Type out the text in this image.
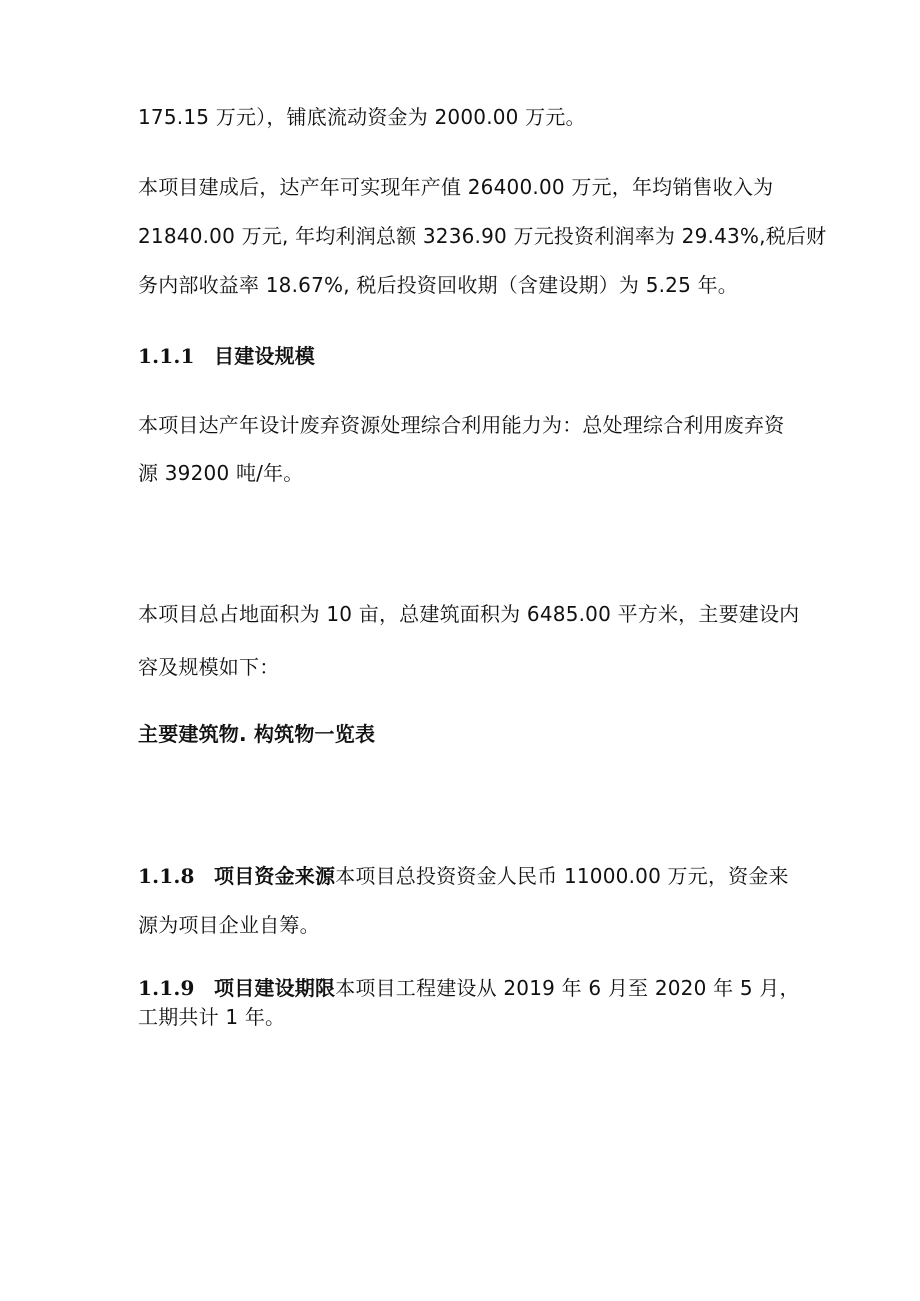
175.15 万元），铺底流动资金为 2000.00 万元。
本项目建成后，达产年可实现年产值 26400.00 万元，年均销售收入为
21840.00 万元, 年均利润总额 3236.90 万元投资利润率为 29.43%,税后财
务内部收益率 18.67%, 税后投资回收期（含建设期）为 5.25 年。
1.1.1 目建设规模
本项目达产年设计废弃资源处理综合利用能力为：总处理综合利用废弃资
源 39200 吨/年。
本项目总占地面积为 10 亩，总建筑面积为 6485.00 平方米，主要建设内
容及规模如下：
主要建筑物. 构筑物一览表
1.1.8 项目资金来源本项目总投资资金人民币 11000.00 万元，资金来
源为项目企业自筹。
1.1.9 项目建设期限本项目工程建设从 2019 年 6 月至 2020 年 5 月，
工期共计 1 年。
